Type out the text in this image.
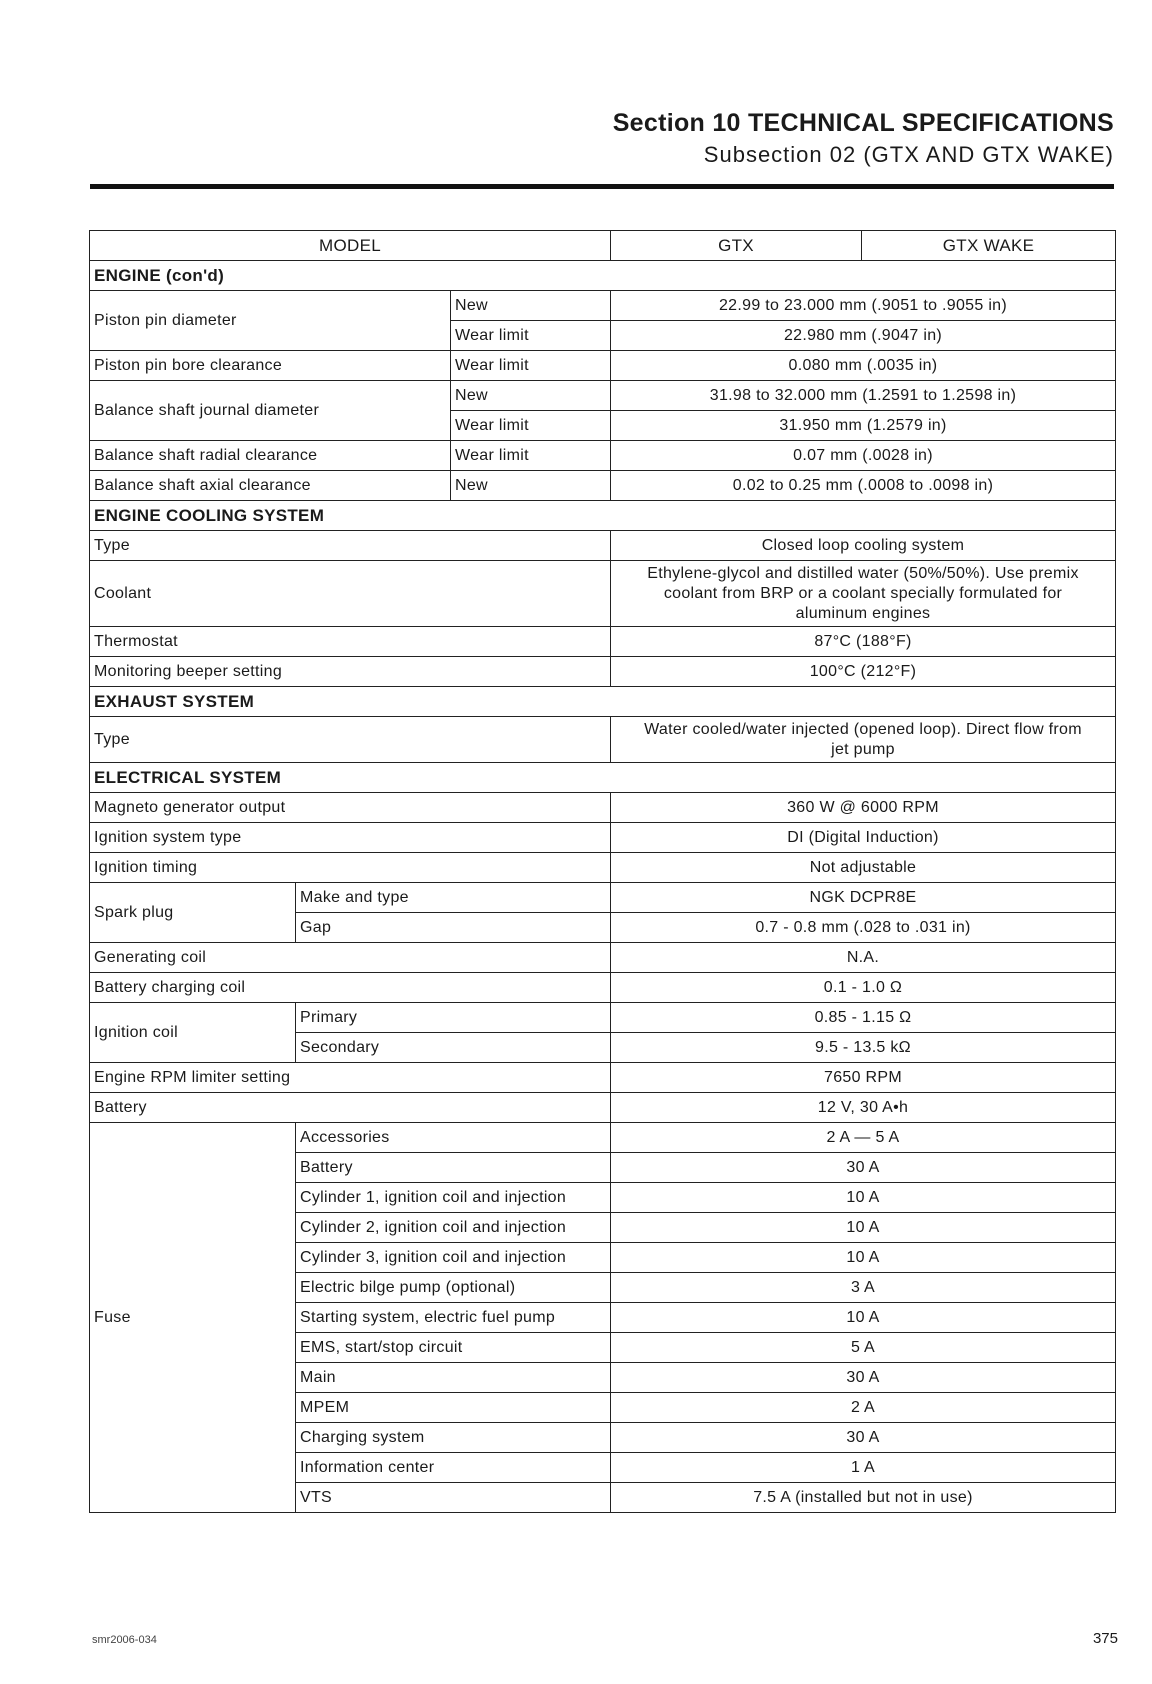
Section 10 TECHNICAL SPECIFICATIONS
Subsection 02 (GTX AND GTX WAKE)
MODEL			GTX	GTX WAKE
ENGINE (con'd)				
Piston pin diameter		New	22.99 to 23.000 mm (.9051 to .9055 in)	
		Wear limit	22.980 mm (.9047 in)	
Piston pin bore clearance		Wear limit	0.080 mm (.0035 in)	
Balance shaft journal diameter		New	31.98 to 32.000 mm (1.2591 to 1.2598 in)	
		Wear limit	31.950 mm (1.2579 in)	
Balance shaft radial clearance		Wear limit	0.07 mm (.0028 in)	
Balance shaft axial clearance		New	0.02 to 0.25 mm (.0008 to .0098 in)	
ENGINE COOLING SYSTEM				
Type			Closed loop cooling system	
Coolant			Ethylene-glycol and distilled water (50%/50%). Use premix coolant from BRP or a coolant specially formulated for aluminum engines	
Thermostat			87°C (188°F)	
Monitoring beeper setting			100°C (212°F)	
EXHAUST SYSTEM				
Type			Water cooled/water injected (opened loop). Direct flow from jet pump	
ELECTRICAL SYSTEM				
Magneto generator output			360 W @ 6000 RPM	
Ignition system type			DI (Digital Induction)	
Ignition timing			Not adjustable	
Spark plug	Make and type		NGK DCPR8E	
	Gap		0.7 - 0.8 mm (.028 to .031 in)	
Generating coil			N.A.	
Battery charging coil			0.1 - 1.0 Ω	
Ignition coil	Primary		0.85 - 1.15 Ω	
	Secondary		9.5 - 13.5 kΩ	
Engine RPM limiter setting			7650 RPM	
Battery			12 V, 30 A•h	
Fuse	Accessories		2 A — 5 A	
	Battery		30 A	
	Cylinder 1, ignition coil and injection		10 A	
	Cylinder 2, ignition coil and injection		10 A	
	Cylinder 3, ignition coil and injection		10 A	
	Electric bilge pump (optional)		3 A	
	Starting system, electric fuel pump		10 A	
	EMS, start/stop circuit		5 A	
	Main		30 A	
	MPEM		2 A	
	Charging system		30 A	
	Information center		1 A	
	VTS		7.5 A (installed but not in use)	
smr2006-034	375
